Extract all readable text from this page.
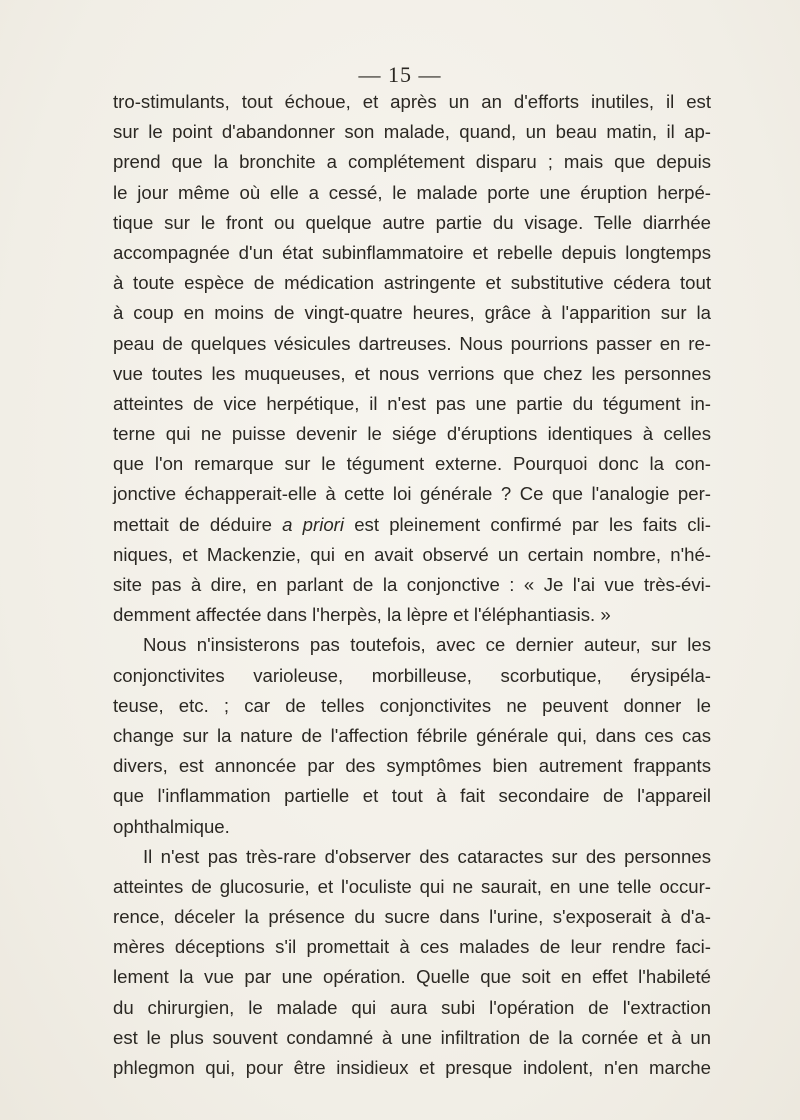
— 15 —
tro-stimulants, tout échoue, et après un an d'efforts inutiles, il est
sur le point d'abandonner son malade, quand, un beau matin, il ap-
prend que la bronchite a complétement disparu ; mais que depuis
le jour même où elle a cessé, le malade porte une éruption herpé-
tique sur le front ou quelque autre partie du visage. Telle diarrhée
accompagnée d'un état subinflammatoire et rebelle depuis longtemps
à toute espèce de médication astringente et substitutive cédera tout
à coup en moins de vingt-quatre heures, grâce à l'apparition sur la
peau de quelques vésicules dartreuses. Nous pourrions passer en re-
vue toutes les muqueuses, et nous verrions que chez les personnes
atteintes de vice herpétique, il n'est pas une partie du tégument in-
terne qui ne puisse devenir le siége d'éruptions identiques à celles
que l'on remarque sur le tégument externe. Pourquoi donc la con-
jonctive échapperait-elle à cette loi générale ? Ce que l'analogie per-
mettait de déduire a priori est pleinement confirmé par les faits cli-
niques, et Mackenzie, qui en avait observé un certain nombre, n'hé-
site pas à dire, en parlant de la conjonctive : « Je l'ai vue très-évi-
demment affectée dans l'herpès, la lèpre et l'éléphantiasis. »
Nous n'insisterons pas toutefois, avec ce dernier auteur, sur les
conjonctivites varioleuse, morbilleuse, scorbutique, érysipéla-
teuse, etc. ; car de telles conjonctivites ne peuvent donner le
change sur la nature de l'affection fébrile générale qui, dans ces cas
divers, est annoncée par des symptômes bien autrement frappants
que l'inflammation partielle et tout à fait secondaire de l'appareil
ophthalmique.
Il n'est pas très-rare d'observer des cataractes sur des personnes
atteintes de glucosurie, et l'oculiste qui ne saurait, en une telle occur-
rence, déceler la présence du sucre dans l'urine, s'exposerait à d'a-
mères déceptions s'il promettait à ces malades de leur rendre faci-
lement la vue par une opération. Quelle que soit en effet l'habileté
du chirurgien, le malade qui aura subi l'opération de l'extraction
est le plus souvent condamné à une infiltration de la cornée et à un
phlegmon qui, pour être insidieux et presque indolent, n'en marche
